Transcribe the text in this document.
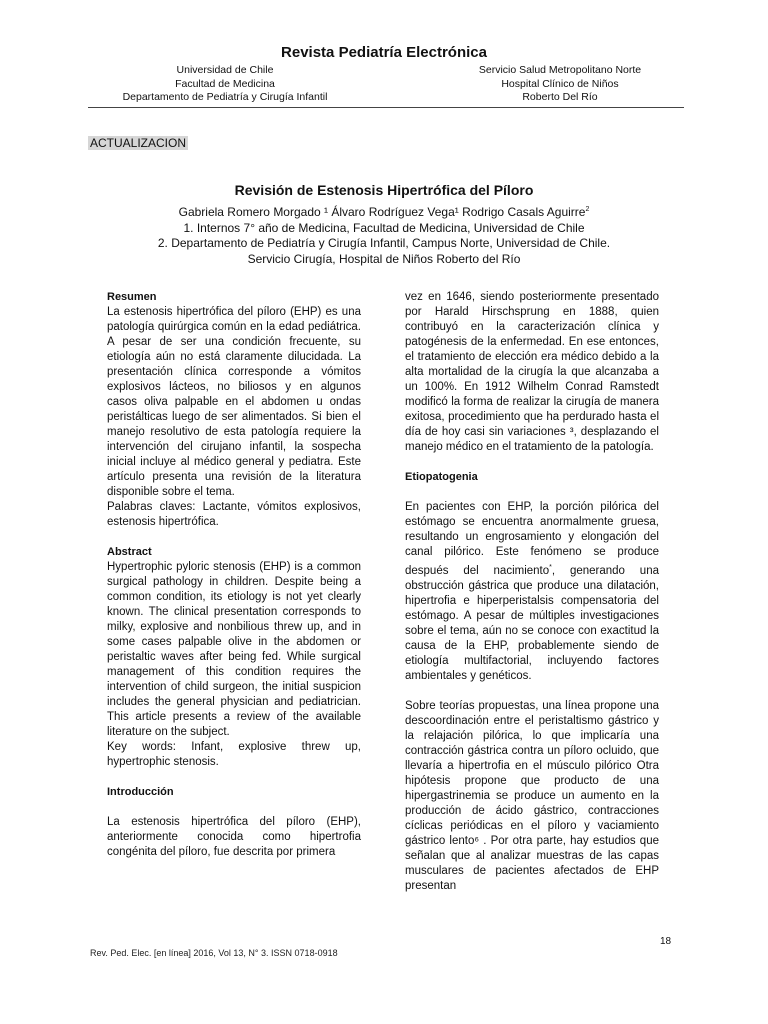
Revista Pediatría Electrónica
Universidad de Chile
Facultad de Medicina
Departamento de Pediatría y Cirugía Infantil
Servicio Salud Metropolitano Norte
Hospital Clínico de Niños
Roberto Del Río
ACTUALIZACION
Revisión de Estenosis Hipertrófica del Píloro
Gabriela Romero Morgado ¹ Álvaro Rodríguez Vega¹ Rodrigo Casals Aguirre$^2$
1. Internos 7° año de Medicina, Facultad de Medicina, Universidad de Chile
2. Departamento de Pediatría y Cirugía Infantil, Campus Norte, Universidad de Chile.
Servicio Cirugía, Hospital de Niños Roberto del Río

Resumen

La estenosis hipertrófica del píloro (EHP) es una patología quirúrgica común en la edad pediátrica. A pesar de ser una condición frecuente, su etiología aún no está claramente dilucidada. La presentación clínica corresponde a vómitos explosivos lácteos, no biliosos y en algunos casos oliva palpable en el abdomen u ondas peristálticas luego de ser alimentados. Si bien el manejo resolutivo de esta patología requiere la intervención del cirujano infantil, la sospecha inicial incluye al médico general y pediatra. Este artículo presenta una revisión de la literatura disponible sobre el tema.

Palabras claves: Lactante, vómitos explosivos, estenosis hipertrófica.

Abstract

Hypertrophic pyloric stenosis (EHP) is a common surgical pathology in children. Despite being a common condition, its etiology is not yet clearly known. The clinical presentation corresponds to milky, explosive and nonbilious threw up, and in some cases palpable olive in the abdomen or peristaltic waves after being fed. While surgical management of this condition requires the intervention of child surgeon, the initial suspicion includes the general physician and pediatrician. This article presents a review of the available literature on the subject.

Key words: Infant, explosive threw up, hypertrophic stenosis.

Introducción

La estenosis hipertrófica del píloro (EHP), anteriormente conocida como hipertrofia congénita del píloro, fue descrita por primera

vez en 1646, siendo posteriormente presentado por Harald Hirschsprung en 1888, quien contribuyó en la caracterización clínica y patogénesis de la enfermedad. En ese entonces, el tratamiento de elección era médico debido a la alta mortalidad de la cirugía la que alcanzaba a un 100%. En 1912 Wilhelm Conrad Ramstedt modificó la forma de realizar la cirugía de manera exitosa, procedimiento que ha perdurado hasta el día de hoy casi sin variaciones ³, desplazando el manejo médico en el tratamiento de la patología.

Etiopatogenia

En pacientes con EHP, la porción pilórica del estómago se encuentra anormalmente gruesa, resultando un engrosamiento y elongación del canal pilórico. Este fenómeno se produce después del nacimiento*, generando una obstrucción gástrica que produce una dilatación, hipertrofia e hiperperistalsis compensatoria del estómago. A pesar de múltiples investigaciones sobre el tema, aún no se conoce con exactitud la causa de la EHP, probablemente siendo de etiología multifactorial, incluyendo factores ambientales y genéticos.

Sobre teorías propuestas, una línea propone una descoordinación entre el peristaltismo gástrico y la relajación pilórica, lo que implicaría una contracción gástrica contra un píloro ocluido, que llevaría a hipertrofia en el músculo pilórico Otra hipótesis propone que producto de una hipergastrinemia se produce un aumento en la producción de ácido gástrico, contracciones cíclicas periódicas en el píloro y vaciamiento gástrico lento⁶ . Por otra parte, hay estudios que señalan que al analizar muestras de las capas musculares de pacientes afectados de EHP presentan

18
Rev. Ped. Elec. [en línea] 2016, Vol 13, N° 3. ISSN 0718-0918
